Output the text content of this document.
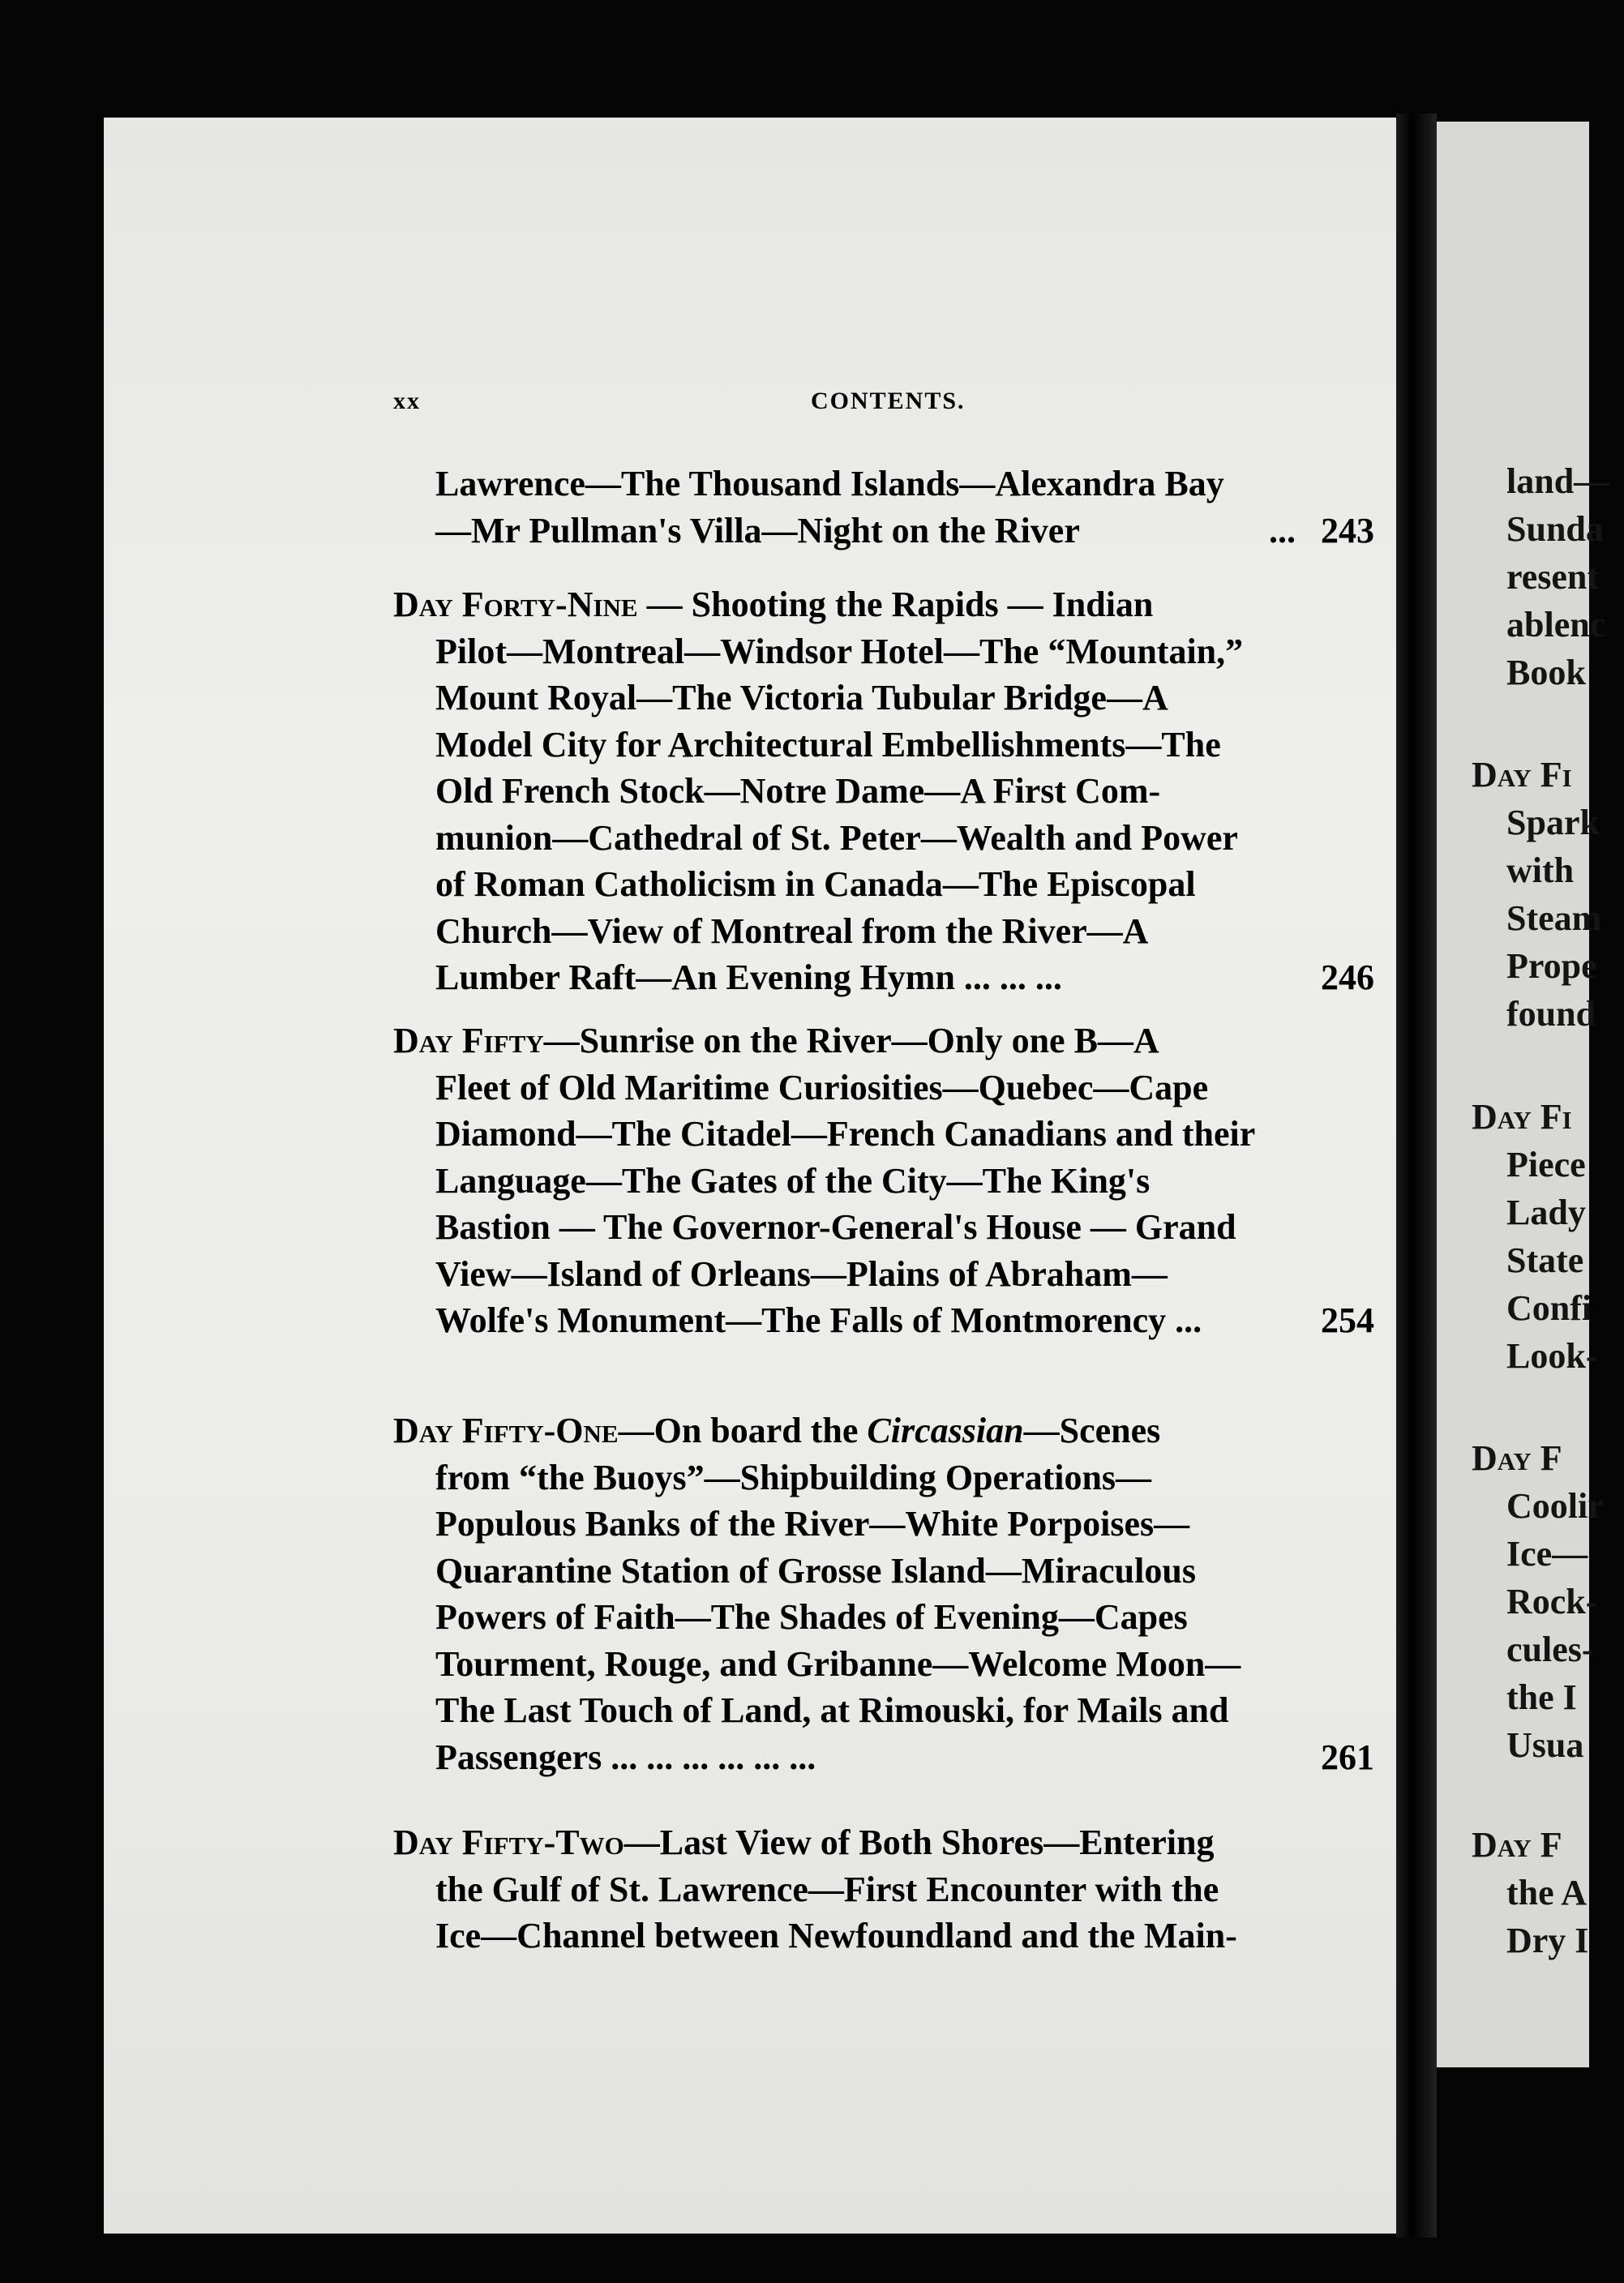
xx	CONTENTS.
Lawrence—The Thousand Islands—Alexandra Bay
—Mr Pullman's Villa—Night on the River	... 243
Day Forty-Nine — Shooting the Rapids — Indian
Pilot—Montreal—Windsor Hotel—The “Mountain,”
Mount Royal—The Victoria Tubular Bridge—A
Model City for Architectural Embellishments—The
Old French Stock—Notre Dame—A First Com-
munion—Cathedral of St. Peter—Wealth and Power
of Roman Catholicism in Canada—The Episcopal
Church—View of Montreal from the River—A
Lumber Raft—An Evening Hymn ... ... ...	246
Day Fifty—Sunrise on the River—Only one B—A
Fleet of Old Maritime Curiosities—Quebec—Cape
Diamond—The Citadel—French Canadians and their
Language—The Gates of the City—The King's
Bastion — The Governor-General's House — Grand
View—Island of Orleans—Plains of Abraham—
Wolfe's Monument—The Falls of Montmorency ...	254
Day Fifty-One—On board the Circassian—Scenes
from “the Buoys”—Shipbuilding Operations—
Populous Banks of the River—White Porpoises—
Quarantine Station of Grosse Island—Miraculous
Powers of Faith—The Shades of Evening—Capes
Tourment, Rouge, and Gribanne—Welcome Moon—
The Last Touch of Land, at Rimouski, for Mails and
Passengers ... ... ... ... ... ...	261
Day Fifty-Two—Last View of Both Shores—Entering
the Gulf of St. Lawrence—First Encounter with the
Ice—Channel between Newfoundland and the Main-
land—
Sunda
resent
ablenc
Book
Day Fi
Spark
with
Steam
Prope
found
Day Fi
Piece
Lady
State
Confi
Look-
Day F
Coolir
Ice—
Rock-
cules-
the I
Usua
Day F
the A
Dry I
